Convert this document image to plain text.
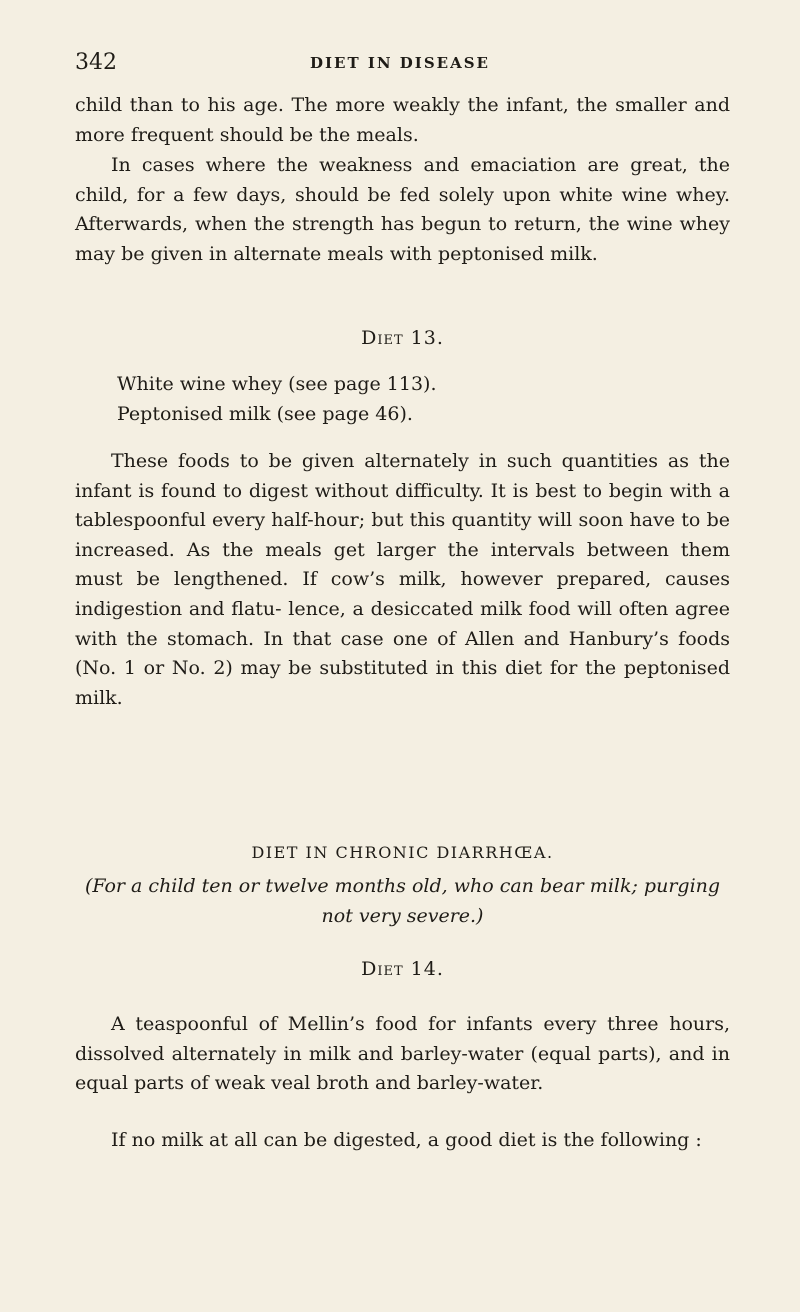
342	DIET IN DISEASE

child than to his age. The more weakly the infant, the smaller and more frequent should be the meals.

In cases where the weakness and emaciation are great, the child, for a few days, should be fed solely upon white wine whey. Afterwards, when the strength has begun to return, the wine whey may be given in alternate meals with peptonised milk.

Diet 13.
White wine whey (see page 113).
Peptonised milk (see page 46).

These foods to be given alternately in such quantities as the infant is found to digest without difficulty. It is best to begin with a tablespoonful every half-hour; but this quantity will soon have to be increased. As the meals get larger the intervals between them must be lengthened. If cow’s milk, however prepared, causes indigestion and flatu- lence, a desiccated milk food will often agree with the stomach. In that case one of Allen and Hanbury’s foods (No. 1 or No. 2) may be substituted in this diet for the peptonised milk.

DIET IN CHRONIC DIARRHŒA.
(For a child ten or twelve months old, who can bear milk; purging not very severe.)
Diet 14.

A teaspoonful of Mellin’s food for infants every three hours, dissolved alternately in milk and barley-water (equal parts), and in equal parts of weak veal broth and barley-water.

If no milk at all can be digested, a good diet is the following :
